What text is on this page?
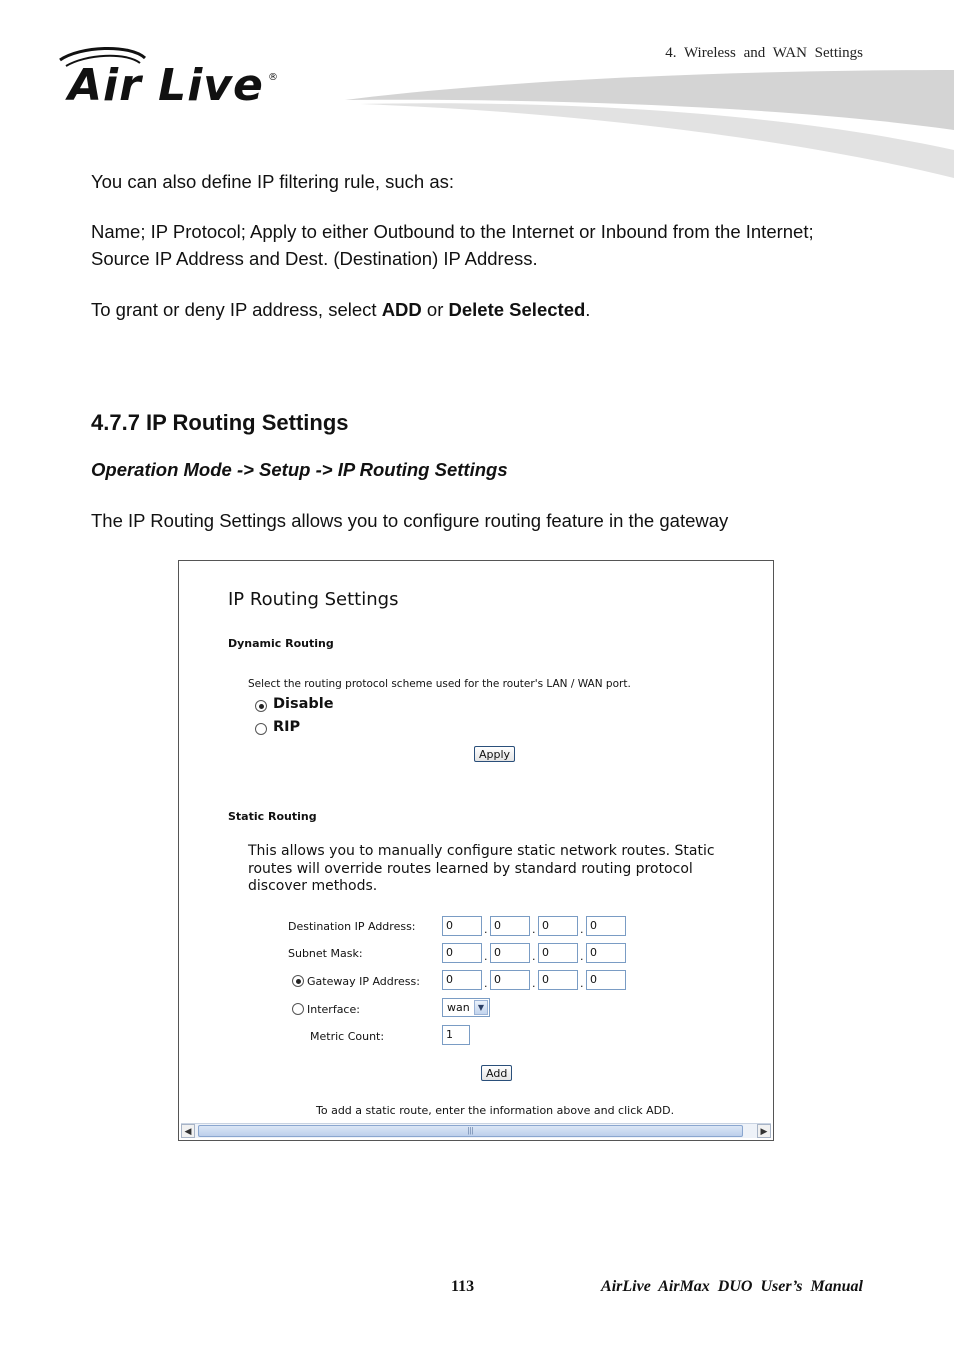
Air Live ®
4. Wireless and WAN Settings
You can also define IP filtering rule, such as:
Name; IP Protocol; Apply to either Outbound to the Internet or Inbound from the Internet; Source IP Address and Dest. (Destination) IP Address.
To grant or deny IP address, select ADD or Delete Selected.
4.7.7 IP Routing Settings
Operation Mode -> Setup -> IP Routing Settings
The IP Routing Settings allows you to configure routing feature in the gateway
IP Routing Settings
Dynamic Routing
Select the routing protocol scheme used for the router's LAN / WAN port.
Disable
RIP
Apply
Static Routing
This allows you to manually configure static network routes. Static routes will override routes learned by standard routing protocol discover methods.
Destination IP Address:	0	. 0	. 0	. 0
Subnet Mask:	0	. 0	. 0	. 0
Gateway IP Address:	0	. 0	. 0	. 0
Interface:	wan	▼
Metric Count:	1
Add
To add a static route, enter the information above and click ADD.
◀	|||	▶
113	AirLive AirMax DUO User’s Manual
